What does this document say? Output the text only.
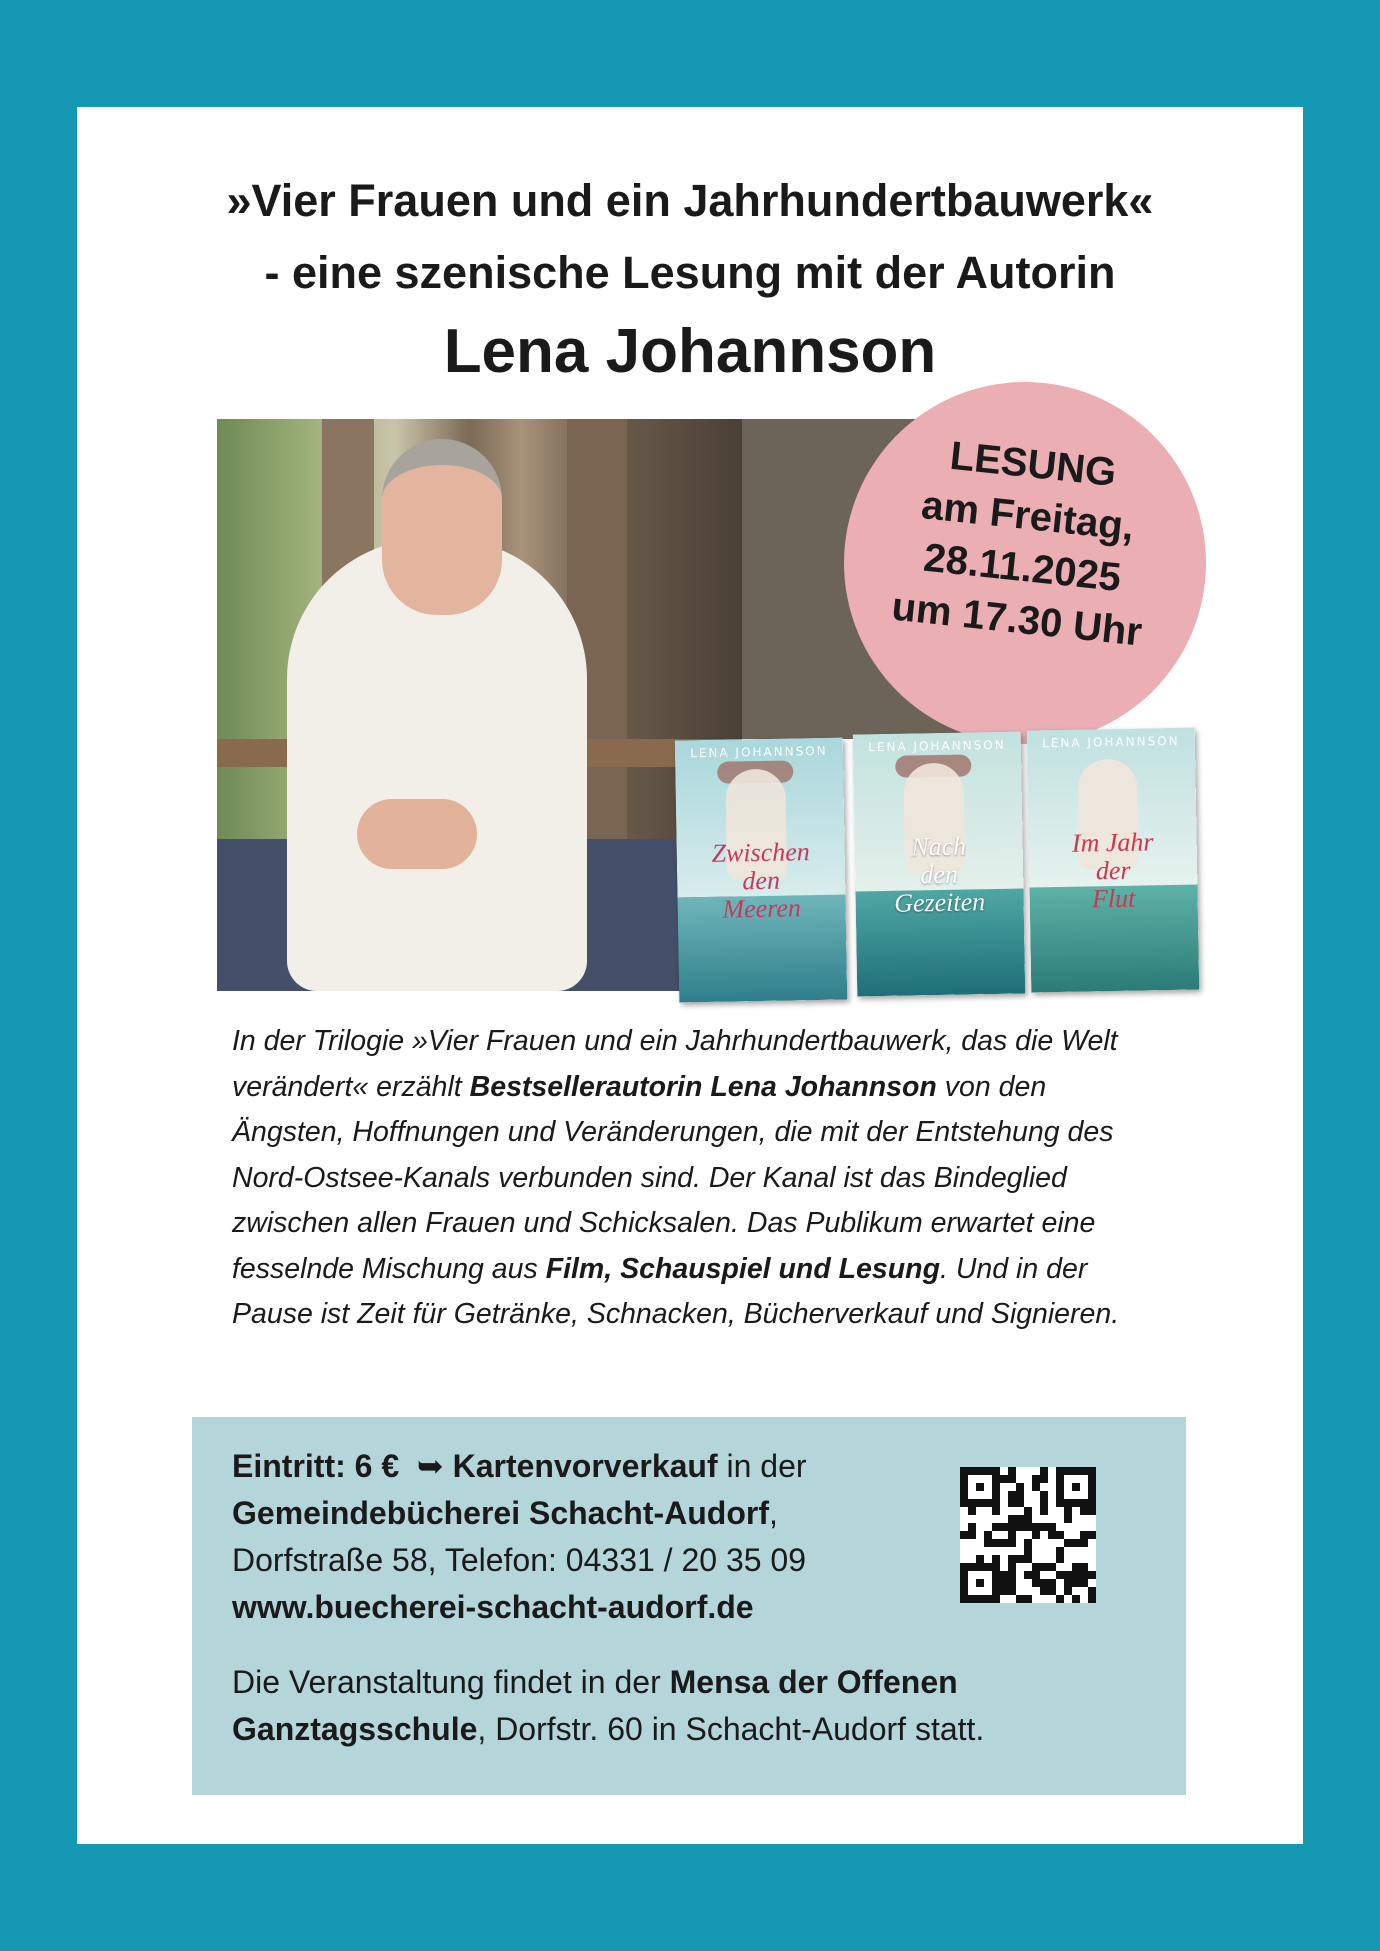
»Vier Frauen und ein Jahrhundertbauwerk«
- eine szenische Lesung mit der Autorin
Lena Johannson
LESUNG
am Freitag,
28.11.2025
um 17.30 Uhr
LENA JOHANNSON
Zwischen
den
Meeren
LENA JOHANNSON
Nach
den
Gezeiten
LENA JOHANNSON
Im Jahr
der
Flut
In der Trilogie »Vier Frauen und ein Jahrhundertbauwerk, das die Welt verändert« erzählt Bestsellerautorin Lena Johannson von den Ängsten, Hoffnungen und Veränderungen, die mit der Entstehung des Nord-Ostsee-Kanals verbunden sind. Der Kanal ist das Bindeglied zwischen allen Frauen und Schicksalen. Das Publikum erwartet eine fesselnde Mischung aus Film, Schauspiel und Lesung. Und in der Pause ist Zeit für Getränke, Schnacken, Bücherverkauf und Signieren.
Eintritt: 6 € ➥ Kartenvorverkauf in der
Gemeindebücherei Schacht-Audorf,
Dorfstraße 58, Telefon: 04331 / 20 35 09
www.buecherei-schacht-audorf.de
Die Veranstaltung findet in der Mensa der Offenen
Ganztagsschule, Dorfstr. 60 in Schacht-Audorf statt.
